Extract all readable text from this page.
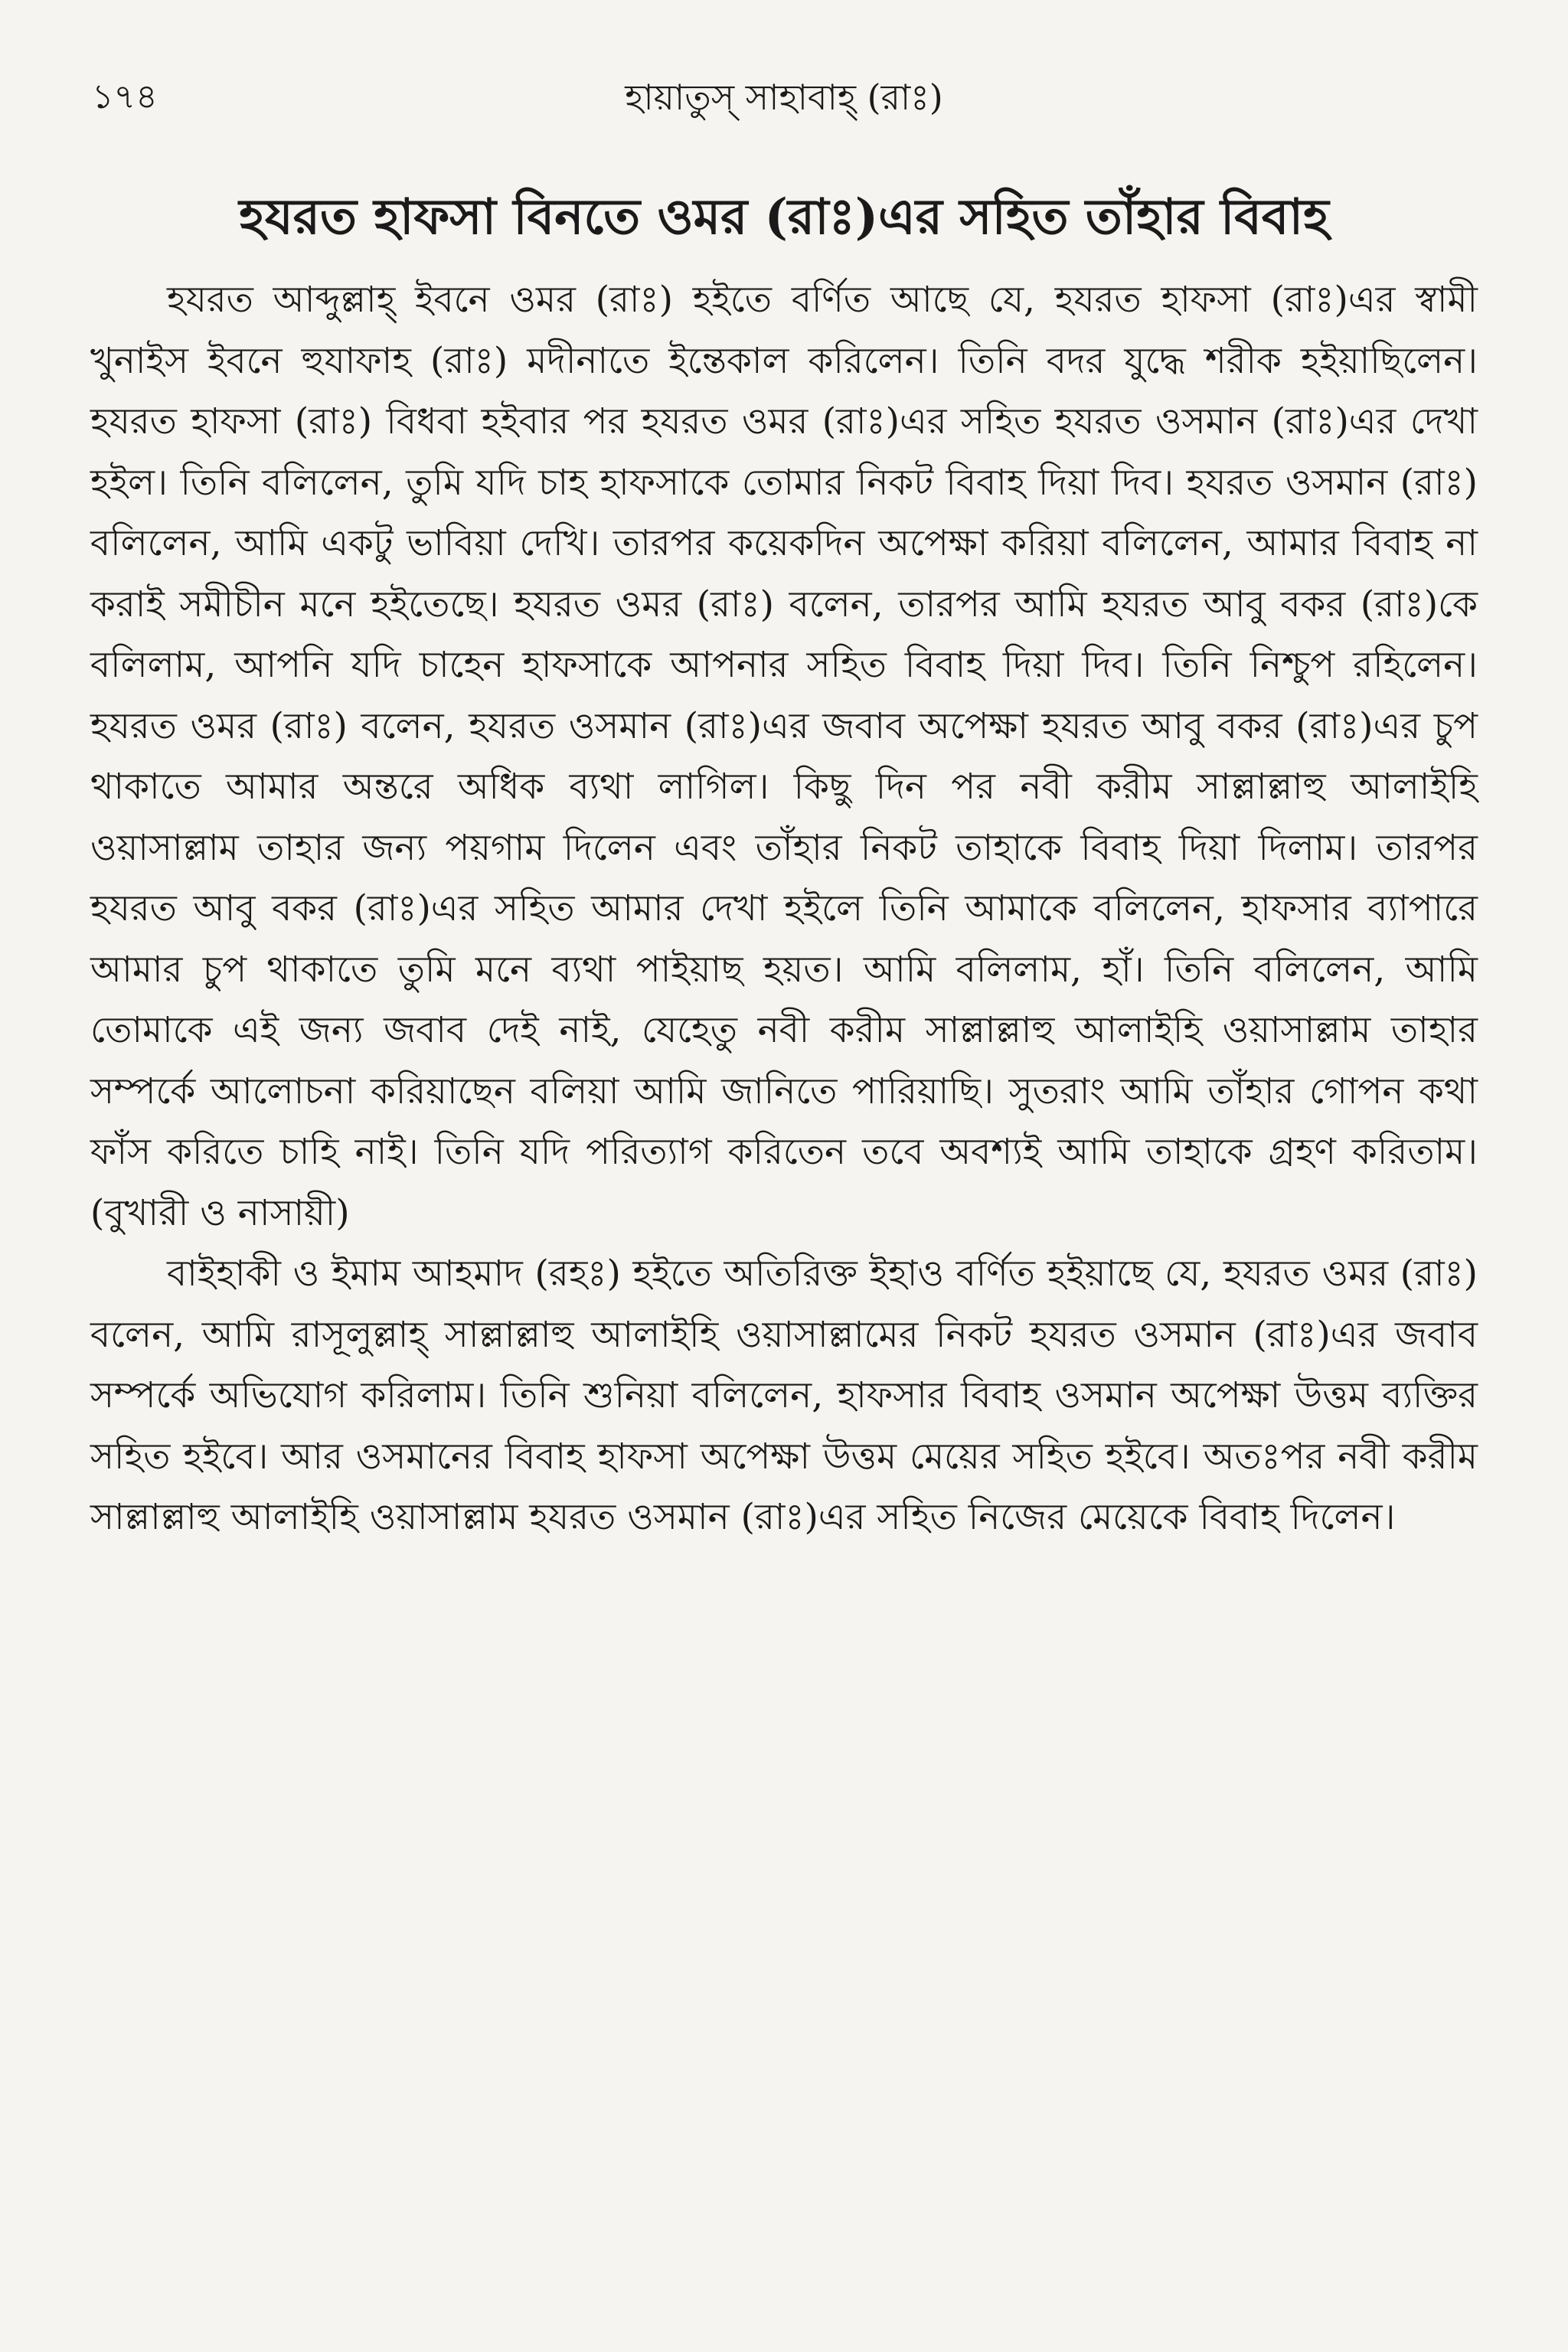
১৭৪	হায়াতুস্ সাহাবাহ্ (রাঃ)
হযরত হাফসা বিনতে ওমর (রাঃ)এর সহিত তাঁহার বিবাহ

হযরত আব্দুল্লাহ্ ইবনে ওমর (রাঃ) হইতে বর্ণিত আছে যে, হযরত হাফসা (রাঃ)এর স্বামী খুনাইস ইবনে হুযাফাহ (রাঃ) মদীনাতে ইন্তেকাল করিলেন। তিনি বদর যুদ্ধে শরীক হইয়াছিলেন। হযরত হাফসা (রাঃ) বিধবা হইবার পর হযরত ওমর (রাঃ)এর সহিত হযরত ওসমান (রাঃ)এর দেখা হইল। তিনি বলিলেন, তুমি যদি চাহ হাফসাকে তোমার নিকট বিবাহ দিয়া দিব। হযরত ওসমান (রাঃ) বলিলেন, আমি একটু ভাবিয়া দেখি। তারপর কয়েকদিন অপেক্ষা করিয়া বলিলেন, আমার বিবাহ না করাই সমীচীন মনে হইতেছে। হযরত ওমর (রাঃ) বলেন, তারপর আমি হযরত আবু বকর (রাঃ)কে বলিলাম, আপনি যদি চাহেন হাফসাকে আপনার সহিত বিবাহ দিয়া দিব। তিনি নিশ্চুপ রহিলেন। হযরত ওমর (রাঃ) বলেন, হযরত ওসমান (রাঃ)এর জবাব অপেক্ষা হযরত আবু বকর (রাঃ)এর চুপ থাকাতে আমার অন্তরে অধিক ব্যথা লাগিল। কিছু দিন পর নবী করীম সাল্লাল্লাহু আলাইহি ওয়াসাল্লাম তাহার জন্য পয়গাম দিলেন এবং তাঁহার নিকট তাহাকে বিবাহ দিয়া দিলাম। তারপর হযরত আবু বকর (রাঃ)এর সহিত আমার দেখা হইলে তিনি আমাকে বলিলেন, হাফসার ব্যাপারে আমার চুপ থাকাতে তুমি মনে ব্যথা পাইয়াছ হয়ত। আমি বলিলাম, হাঁ। তিনি বলিলেন, আমি তোমাকে এই জন্য জবাব দেই নাই, যেহেতু নবী করীম সাল্লাল্লাহু আলাইহি ওয়াসাল্লাম তাহার সম্পর্কে আলোচনা করিয়াছেন বলিয়া আমি জানিতে পারিয়াছি। সুতরাং আমি তাঁহার গোপন কথা ফাঁস করিতে চাহি নাই। তিনি যদি পরিত্যাগ করিতেন তবে অবশ্যই আমি তাহাকে গ্রহণ করিতাম। (বুখারী ও নাসায়ী)

বাইহাকী ও ইমাম আহমাদ (রহঃ) হইতে অতিরিক্ত ইহাও বর্ণিত হইয়াছে যে, হযরত ওমর (রাঃ) বলেন, আমি রাসূলুল্লাহ্ সাল্লাল্লাহু আলাইহি ওয়াসাল্লামের নিকট হযরত ওসমান (রাঃ)এর জবাব সম্পর্কে অভিযোগ করিলাম। তিনি শুনিয়া বলিলেন, হাফসার বিবাহ ওসমান অপেক্ষা উত্তম ব্যক্তির সহিত হইবে। আর ওসমানের বিবাহ হাফসা অপেক্ষা উত্তম মেয়ের সহিত হইবে। অতঃপর নবী করীম সাল্লাল্লাহু আলাইহি ওয়াসাল্লাম হযরত ওসমান (রাঃ)এর সহিত নিজের মেয়েকে বিবাহ দিলেন।
